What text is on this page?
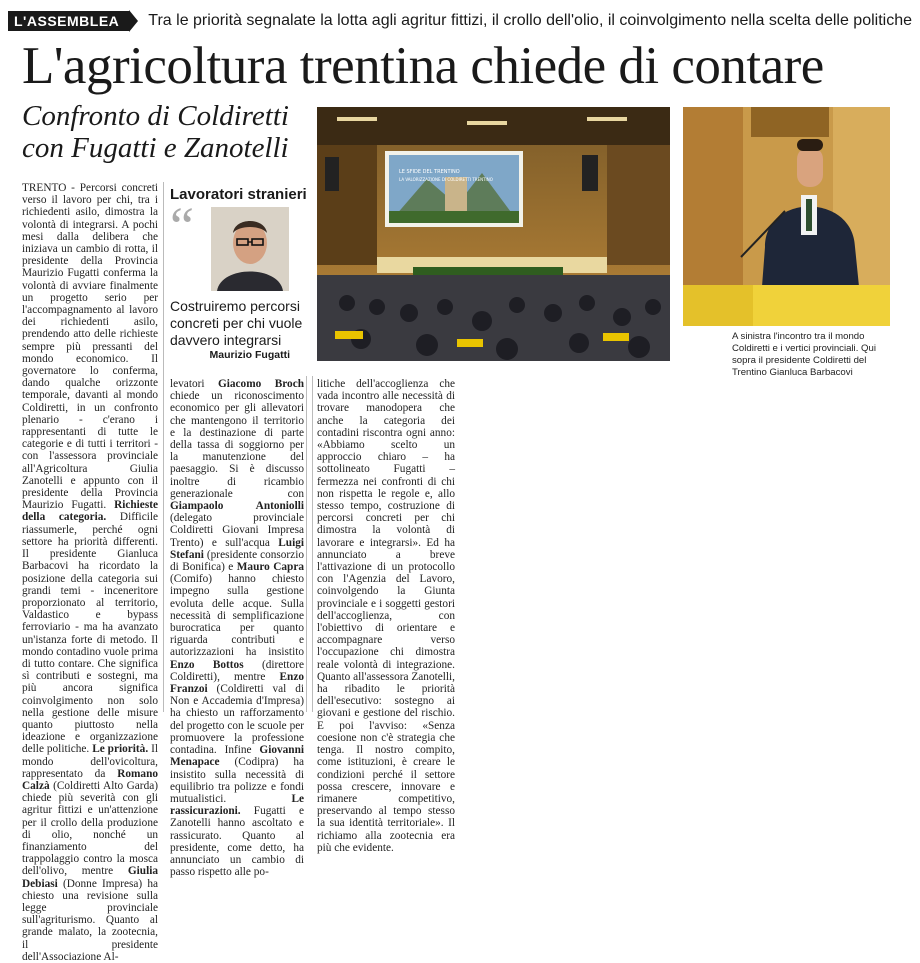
L'ASSEMBLEA	Tra le priorità segnalate la lotta agli agritur fittizi, il crollo dell'olio, il coinvolgimento nella scelta delle politiche
L'agricoltura trentina chiede di contare
Confronto di Coldiretti con Fugatti e Zanotelli
LE SFIDE DEL TRENTINO
LA VALORIZZAZIONE DI COLDIRETTI TRENTINO
A sinistra l'incontro tra il mondo Coldiretti e i vertici provinciali. Qui sopra il presidente Coldiretti del Trentino Gianluca Barbacovi
Lavoratori stranieri
“
Costruiremo percorsi concreti per chi vuole davvero integrarsi
Maurizio Fugatti

TRENTO - Percorsi concreti verso il lavoro per chi, tra i richiedenti asilo, dimostra la volontà di integrarsi. A pochi mesi dalla delibera che iniziava un cambio di rotta, il presidente della Provincia Maurizio Fugatti conferma la volontà di avviare finalmente un progetto serio per l'accompagnamento al lavoro dei richiedenti asilo, prendendo atto delle richieste sempre più pressanti del mondo economico. Il governatore lo conferma, dando qualche orizzonte temporale, davanti al mondo Coldiretti, in un confronto plenario - c'erano i rappresentanti di tutte le categorie e di tutti i territori - con l'assessora provinciale all'Agricoltura Giulia Zanotelli e appunto con il presidente della Provincia Maurizio Fugatti. Richieste della categoria. Difficile riassumerle, perché ogni settore ha priorità differenti. Il presidente Gianluca Barbacovi ha ricordato la posizione della categoria sui grandi temi - inceneritore proporzionato al territorio, Valdastico e bypass ferroviario - ma ha avanzato un'istanza forte di metodo. Il mondo contadino vuole prima di tutto contare. Che significa sì contributi e sostegni, ma più ancora significa coinvolgimento non solo nella gestione delle misure quanto piuttosto nella ideazione e organizzazione delle politiche. Le priorità. Il mondo dell'ovicoltura, rappresentato da Romano Calzà (Coldiretti Alto Garda) chiede più severità con gli agritur fittizi e un'attenzione per il crollo della produzione di olio, nonché un finanziamento del trappolaggio contro la mosca dell'olivo, mentre Giulia Debiasi (Donne Impresa) ha chiesto una revisione sulla legge provinciale sull'agriturismo. Quanto al grande malato, la zootecnia, il presidente dell'Associazione Al-

levatori Giacomo Broch chiede un riconoscimento economico per gli allevatori che mantengono il territorio e la destinazione di parte della tassa di soggiorno per la manutenzione del paesaggio. Si è discusso inoltre di ricambio generazionale con Giampaolo Antoniolli (delegato provinciale Coldiretti Giovani Impresa Trento) e sull'acqua Luigi Stefani (presidente consorzio di Bonifica) e Mauro Capra (Comifo) hanno chiesto impegno sulla gestione evoluta delle acque. Sulla necessità di semplificazione burocratica per quanto riguarda contributi e autorizzazioni ha insistito Enzo Bottos (direttore Coldiretti), mentre Enzo Franzoi (Coldiretti val di Non e Accademia d'Impresa) ha chiesto un rafforzamento del progetto con le scuole per promuovere la professione contadina. Infine Giovanni Menapace (Codipra) ha insistito sulla necessità di equilibrio tra polizze e fondi mutualistici.	Le rassicurazioni. Fugatti e Zanotelli hanno ascoltato e rassicurato. Quanto al presidente, come detto, ha annunciato un cambio di passo rispetto alle po-

litiche dell'accoglienza che vada incontro alle necessità di trovare manodopera che anche la categoria dei contadini riscontra ogni anno: «Abbiamo scelto un approccio chiaro – ha sottolineato Fugatti – fermezza nei confronti di chi non rispetta le regole e, allo stesso tempo, costruzione di percorsi concreti per chi dimostra la volontà di lavorare e integrarsi». Ed ha annunciato a breve l'attivazione di un protocollo con l'Agenzia del Lavoro, coinvolgendo la Giunta provinciale e i soggetti gestori dell'accoglienza, con l'obiettivo di orientare e accompagnare verso l'occupazione chi dimostra reale volontà di integrazione. Quanto all'assessora Zanotelli, ha ribadito le priorità dell'esecutivo: sostegno ai giovani e gestione del rischio. E poi l'avviso: «Senza coesione non c'è strategia che tenga. Il nostro compito, come istituzioni, è creare le condizioni perché il settore possa crescere, innovare e rimanere competitivo, preservando al tempo stesso la sua identità territoriale». Il richiamo alla zootecnia era più che evidente.
